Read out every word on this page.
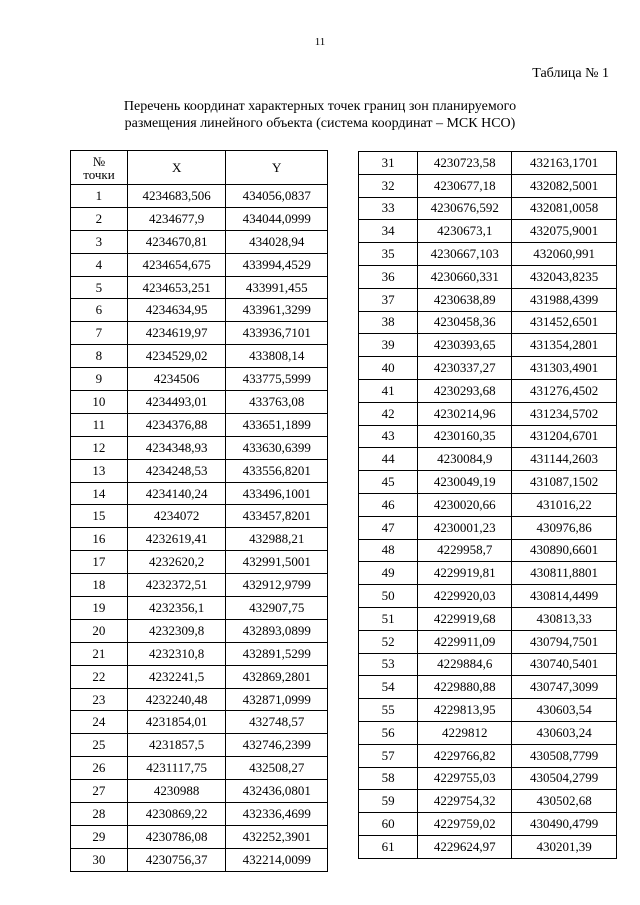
11
Таблица № 1
Перечень координат характерных точек границ зон планируемого
размещения линейного объекта (система координат – МСК НСО)
№
точки	X	Y
1	4234683,506	434056,0837
2	4234677,9	434044,0999
3	4234670,81	434028,94
4	4234654,675	433994,4529
5	4234653,251	433991,455
6	4234634,95	433961,3299
7	4234619,97	433936,7101
8	4234529,02	433808,14
9	4234506	433775,5999
10	4234493,01	433763,08
11	4234376,88	433651,1899
12	4234348,93	433630,6399
13	4234248,53	433556,8201
14	4234140,24	433496,1001
15	4234072	433457,8201
16	4232619,41	432988,21
17	4232620,2	432991,5001
18	4232372,51	432912,9799
19	4232356,1	432907,75
20	4232309,8	432893,0899
21	4232310,8	432891,5299
22	4232241,5	432869,2801
23	4232240,48	432871,0999
24	4231854,01	432748,57
25	4231857,5	432746,2399
26	4231117,75	432508,27
27	4230988	432436,0801
28	4230869,22	432336,4699
29	4230786,08	432252,3901
30	4230756,37	432214,0099
31	4230723,58	432163,1701
32	4230677,18	432082,5001
33	4230676,592	432081,0058
34	4230673,1	432075,9001
35	4230667,103	432060,991
36	4230660,331	432043,8235
37	4230638,89	431988,4399
38	4230458,36	431452,6501
39	4230393,65	431354,2801
40	4230337,27	431303,4901
41	4230293,68	431276,4502
42	4230214,96	431234,5702
43	4230160,35	431204,6701
44	4230084,9	431144,2603
45	4230049,19	431087,1502
46	4230020,66	431016,22
47	4230001,23	430976,86
48	4229958,7	430890,6601
49	4229919,81	430811,8801
50	4229920,03	430814,4499
51	4229919,68	430813,33
52	4229911,09	430794,7501
53	4229884,6	430740,5401
54	4229880,88	430747,3099
55	4229813,95	430603,54
56	4229812	430603,24
57	4229766,82	430508,7799
58	4229755,03	430504,2799
59	4229754,32	430502,68
60	4229759,02	430490,4799
61	4229624,97	430201,39
